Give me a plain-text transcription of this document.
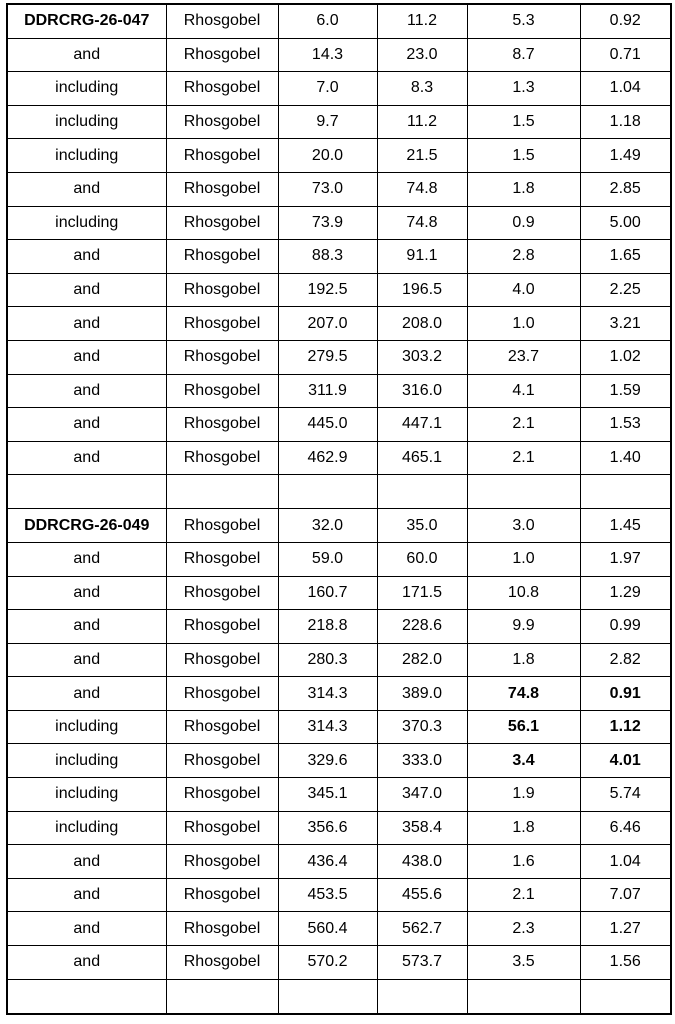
DDRCRG-26-047	Rhosgobel	6.0	11.2	5.3	0.92
and	Rhosgobel	14.3	23.0	8.7	0.71
including	Rhosgobel	7.0	8.3	1.3	1.04
including	Rhosgobel	9.7	11.2	1.5	1.18
including	Rhosgobel	20.0	21.5	1.5	1.49
and	Rhosgobel	73.0	74.8	1.8	2.85
including	Rhosgobel	73.9	74.8	0.9	5.00
and	Rhosgobel	88.3	91.1	2.8	1.65
and	Rhosgobel	192.5	196.5	4.0	2.25
and	Rhosgobel	207.0	208.0	1.0	3.21
and	Rhosgobel	279.5	303.2	23.7	1.02
and	Rhosgobel	311.9	316.0	4.1	1.59
and	Rhosgobel	445.0	447.1	2.1	1.53
and	Rhosgobel	462.9	465.1	2.1	1.40

DDRCRG-26-049	Rhosgobel	32.0	35.0	3.0	1.45
and	Rhosgobel	59.0	60.0	1.0	1.97
and	Rhosgobel	160.7	171.5	10.8	1.29
and	Rhosgobel	218.8	228.6	9.9	0.99
and	Rhosgobel	280.3	282.0	1.8	2.82
and	Rhosgobel	314.3	389.0	74.8	0.91
including	Rhosgobel	314.3	370.3	56.1	1.12
including	Rhosgobel	329.6	333.0	3.4	4.01
including	Rhosgobel	345.1	347.0	1.9	5.74
including	Rhosgobel	356.6	358.4	1.8	6.46
and	Rhosgobel	436.4	438.0	1.6	1.04
and	Rhosgobel	453.5	455.6	2.1	7.07
and	Rhosgobel	560.4	562.7	2.3	1.27
and	Rhosgobel	570.2	573.7	3.5	1.56
